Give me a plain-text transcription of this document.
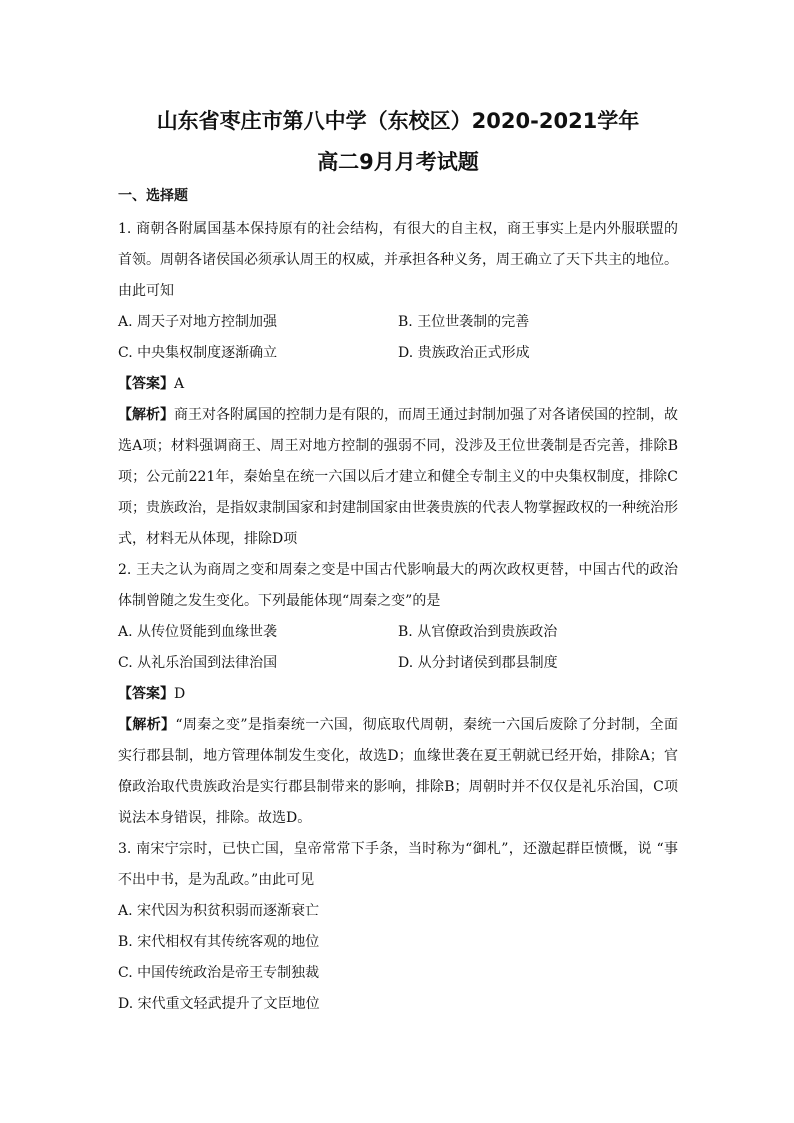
山东省枣庄市第八中学（东校区）2020-2021学年
高二9月月考试题
一、选择题

1. 商朝各附属国基本保持原有的社会结构，有很大的自主权，商王事实上是内外服联盟的首领。周朝各诸侯国必须承认周王的权威，并承担各种义务，周王确立了天下共主的地位。由此可知

A. 周天子对地方控制加强	B. 王位世袭制的完善
C. 中央集权制度逐渐确立	D. 贵族政治正式形成
【答案】A

【解析】商王对各附属国的控制力是有限的，而周王通过封制加强了对各诸侯国的控制，故选A项；材料强调商王、周王对地方控制的强弱不同，没涉及王位世袭制是否完善，排除B项；公元前221年，秦始皇在统一六国以后才建立和健全专制主义的中央集权制度，排除C项；贵族政治，是指奴隶制国家和封建制国家由世袭贵族的代表人物掌握政权的一种统治形式，材料无从体现，排除D项

2. 王夫之认为商周之变和周秦之变是中国古代影响最大的两次政权更替，中国古代的政治体制曾随之发生变化。下列最能体现“周秦之变”的是

A. 从传位贤能到血缘世袭	B. 从官僚政治到贵族政治
C. 从礼乐治国到法律治国	D. 从分封诸侯到郡县制度
【答案】D

【解析】“周秦之变”是指秦统一六国，彻底取代周朝，秦统一六国后废除了分封制，全面实行郡县制，地方管理体制发生变化，故选D；血缘世袭在夏王朝就已经开始，排除A；官僚政治取代贵族政治是实行郡县制带来的影响，排除B；周朝时并不仅仅是礼乐治国，C项说法本身错误，排除。故选D。

3. 南宋宁宗时，已快亡国，皇帝常常下手条，当时称为“御札”，还激起群臣愤慨，说 “事不出中书，是为乱政。”由此可见

A. 宋代因为积贫积弱而逐渐衰亡
B. 宋代相权有其传统客观的地位
C. 中国传统政治是帝王专制独裁
D. 宋代重文轻武提升了文臣地位
